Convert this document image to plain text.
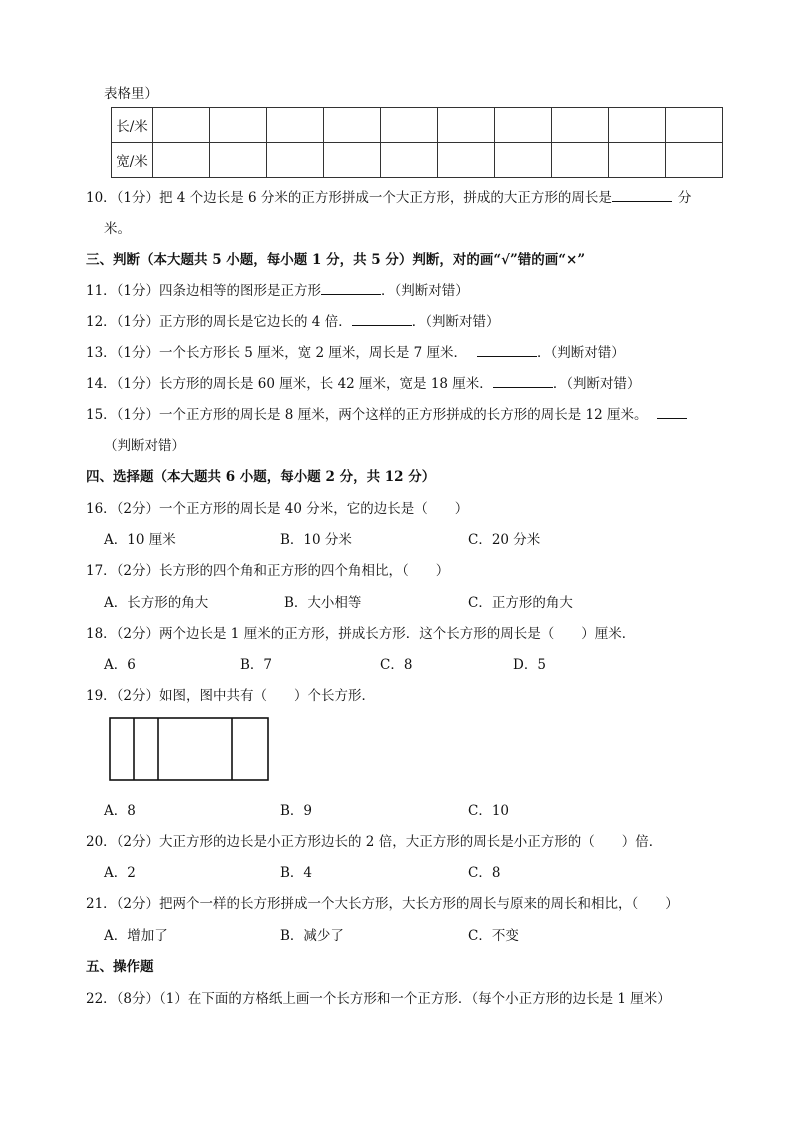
表格里）
长/米										
宽/米										
10．（1分）把 4 个边长是 6 分米的正方形拼成一个大正方形，拼成的大正方形的周长是	分
米。
三、判断（本大题共 5 小题，每小题 1 分，共 5 分）判断，对的画“√”错的画“×”
11．（1分）四条边相等的图形是正方形	．（判断对错）
12．（1分）正方形的周长是它边长的 4 倍．	．（判断对错）
13．（1分）一个长方形长 5 厘米，宽 2 厘米，周长是 7 厘米．	．（判断对错）
14．（1分）长方形的周长是 60 厘米，长 42 厘米，宽是 18 厘米．	．（判断对错）
15．（1分）一个正方形的周长是 8 厘米，两个这样的正方形拼成的长方形的周长是 12 厘米。
（判断对错）
四、选择题（本大题共 6 小题，每小题 2 分，共 12 分）
16．（2分）一个正方形的周长是 40 分米，它的边长是（　　）
A．10 厘米	B．10 分米	C．20 分米
17．（2分）长方形的四个角和正方形的四个角相比，（　　）
A．长方形的角大	B．大小相等	C．正方形的角大
18．（2分）两个边长是 1 厘米的正方形，拼成长方形．这个长方形的周长是（　　）厘米．
A．6	B．7	C．8	D．5
19．（2分）如图，图中共有（　　）个长方形．
A．8	B．9	C．10
20．（2分）大正方形的边长是小正方形边长的 2 倍，大正方形的周长是小正方形的（　　）倍．
A．2	B．4	C．8
21．（2分）把两个一样的长方形拼成一个大长方形，大长方形的周长与原来的周长和相比，（　　）
A．增加了	B．减少了	C．不变
五、操作题
22．（8分）（1）在下面的方格纸上画一个长方形和一个正方形．（每个小正方形的边长是 1 厘米）
